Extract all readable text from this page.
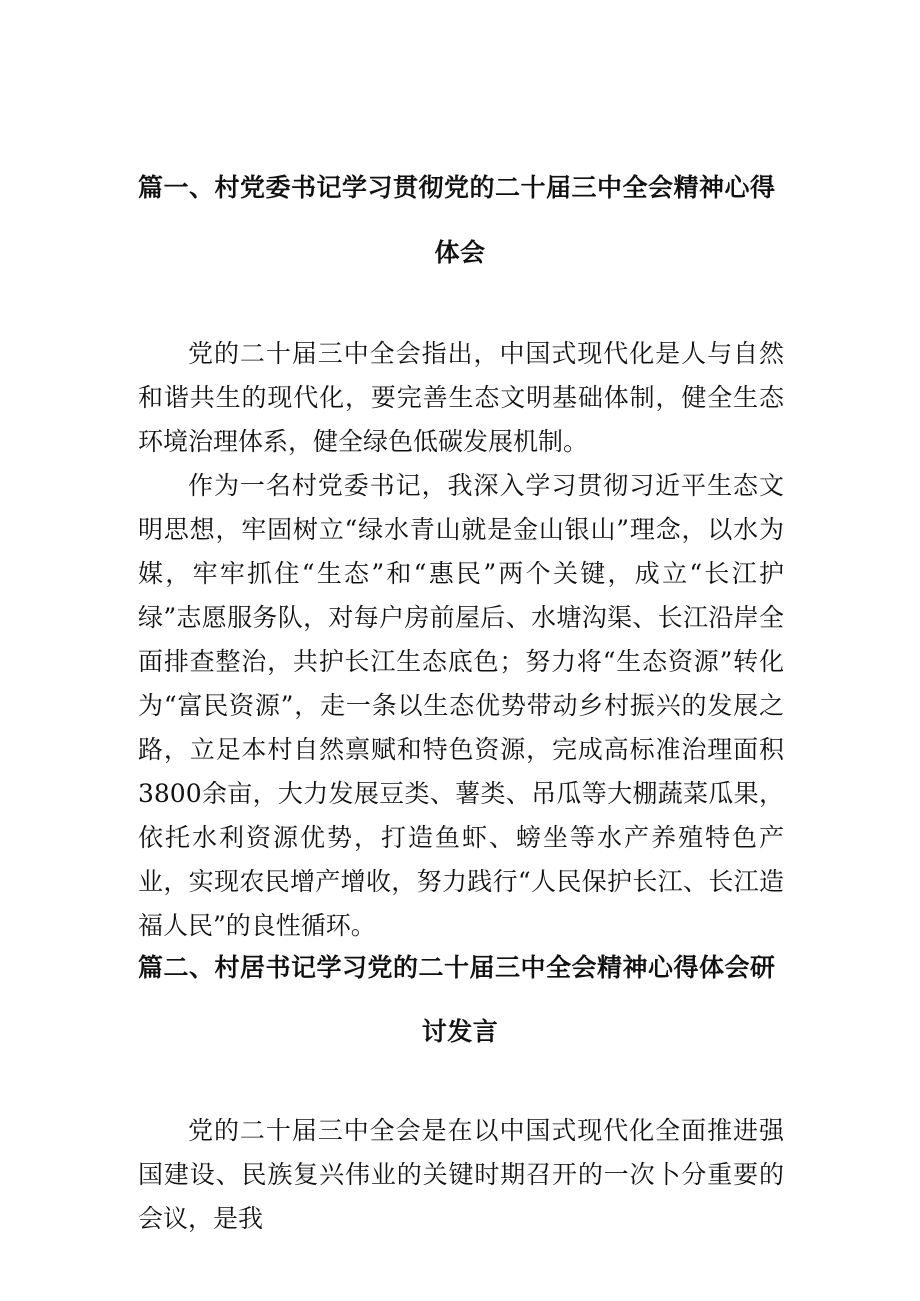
篇一、村党委书记学习贯彻党的二十届三中全会精神心得
体会

党的二十届三中全会指出，中国式现代化是人与自然和谐共生的现代化，要完善生态文明基础体制，健全生态环境治理体系，健全绿色低碳发展机制。

作为一名村党委书记，我深入学习贯彻习近平生态文明思想，牢固树立“绿水青山就是金山银山”理念，以水为媒，牢牢抓住“生态”和“惠民”两个关键，成立“长江护绿”志愿服务队，对每户房前屋后、水塘沟渠、长江沿岸全面排查整治，共护长江生态底色；努力将“生态资源”转化为“富民资源”，走一条以生态优势带动乡村振兴的发展之路，立足本村自然禀赋和特色资源，完成高标准治理面积3800余亩，大力发展豆类、薯类、吊瓜等大棚蔬菜瓜果，依托水利资源优势，打造鱼虾、螃坐等水产养殖特色产业，实现农民增产增收，努力践行“人民保护长江、长江造福人民”的良性循环。

篇二、村居书记学习党的二十届三中全会精神心得体会研
讨发言

党的二十届三中全会是在以中国式现代化全面推进强国建设、民族复兴伟业的关键时期召开的一次卜分重要的会议，是我
